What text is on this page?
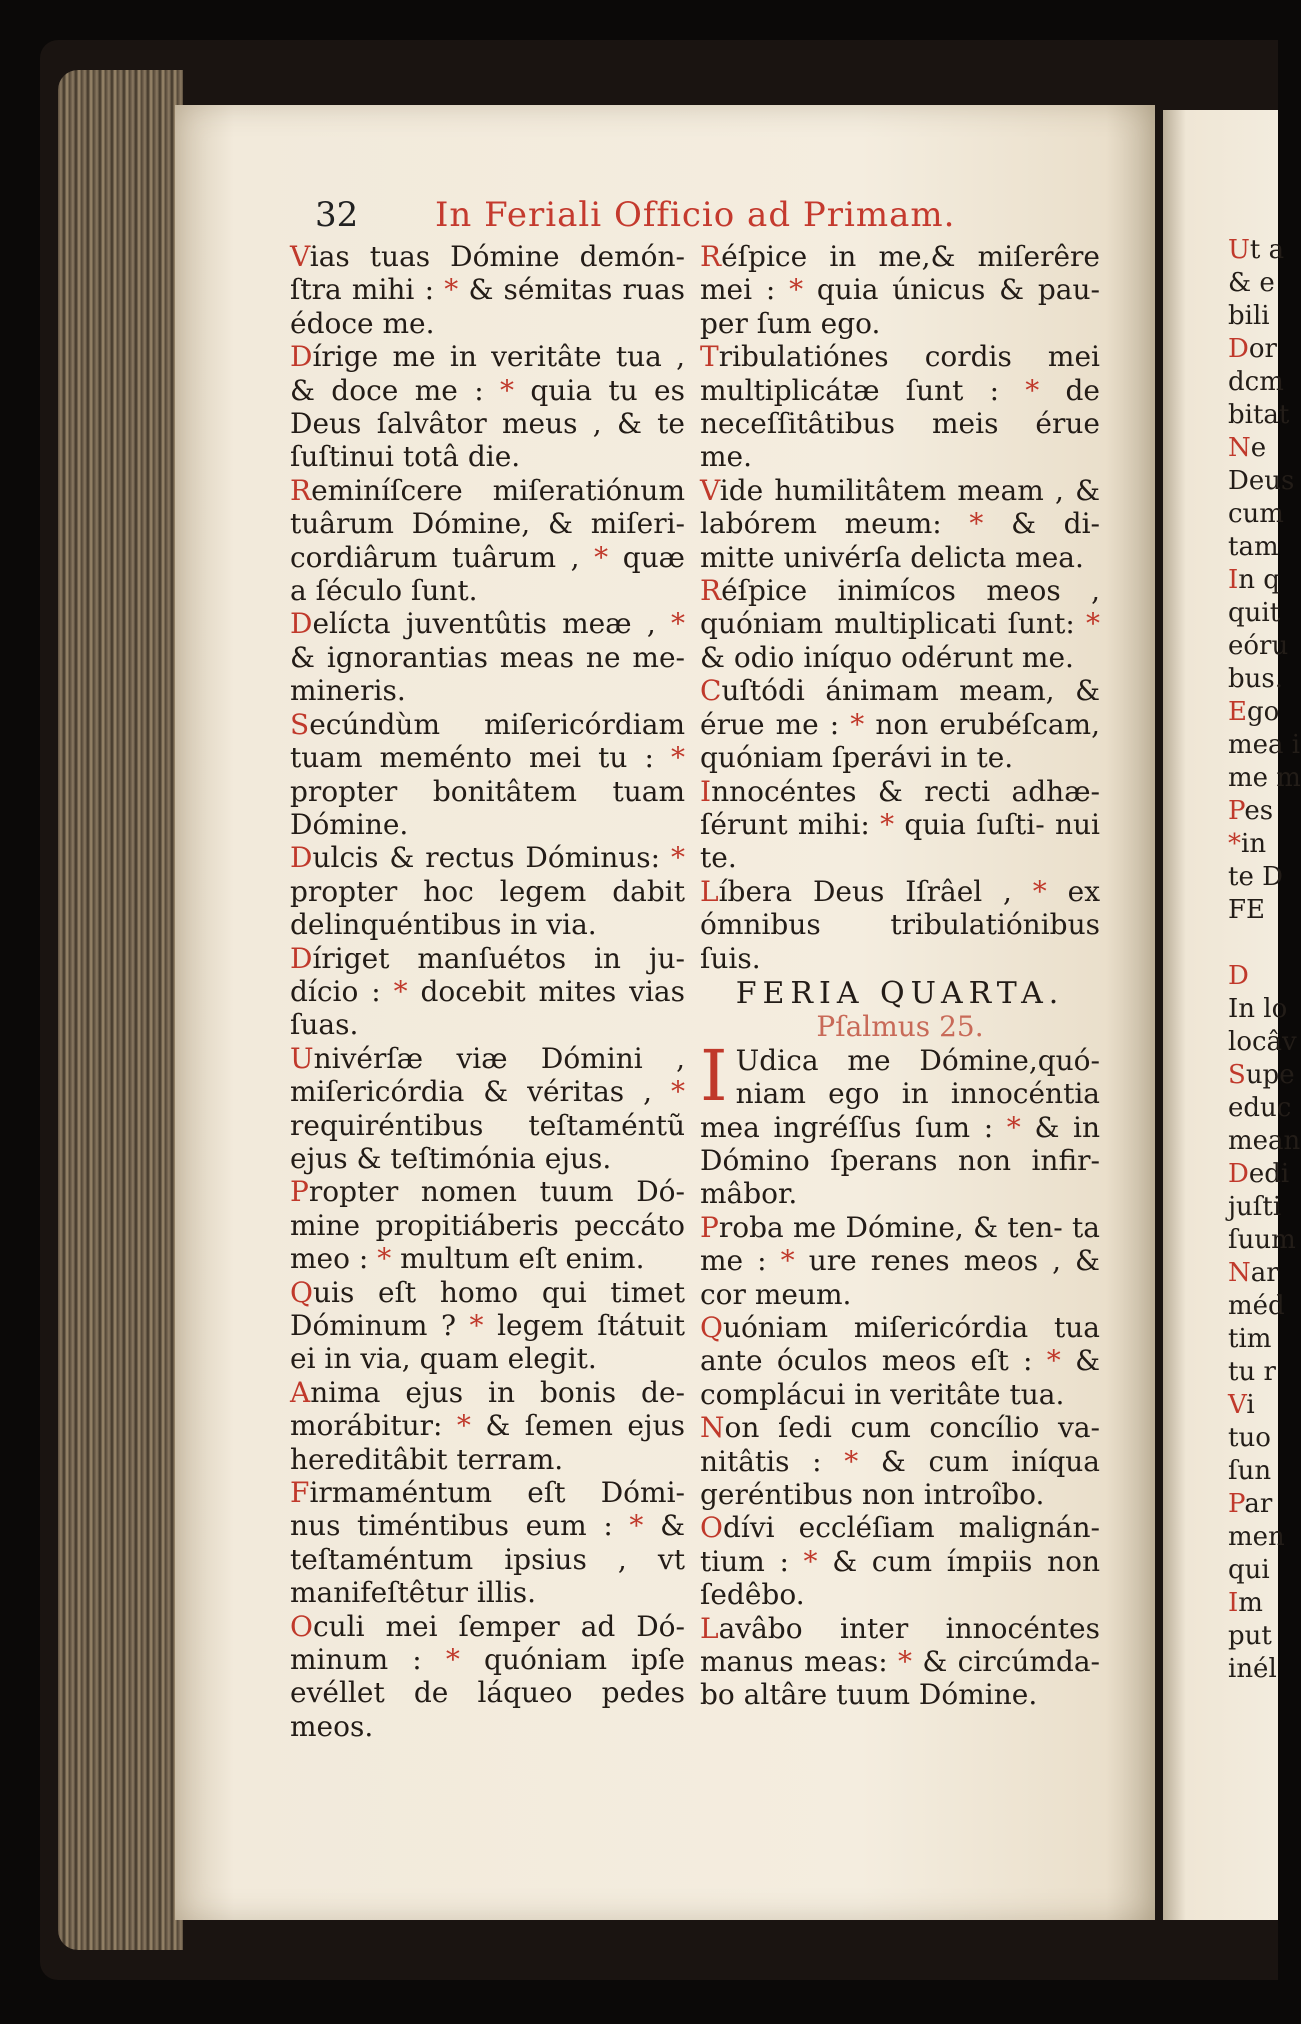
Ut a
& e
bili
Dor
dcm
bitat
Ne
Deus
cum
tam
In q
quit
eóru
bus.
Ego
mea i
me m
Pes
*in
te D
FE
D
In lo
locâv
Supe
educ
mean
Dedi
juſti
ſuum
Nar
méd
tim
tu r
Vi
tuo
ſun
Par
men
qui
Im
put
inél
32 In Feriali Officio ad Primam.
Vias tuas Dómine demón- ſtra mihi : * & sémitas ruas édoce me.
Dírige me in veritâte tua , & doce me : * quia tu es Deus ſalvâtor meus , & te ſuſtinui totâ die.
Reminíſcere miſeratiónum tuârum Dómine, & miſeri- cordiârum tuârum , * quæ a ſéculo ſunt.
Delícta juventûtis meæ , * & ignorantias meas ne me- mineris.
Secúndùm miſericórdiam tuam meménto mei tu : * propter bonitâtem tuam Dómine.
Dulcis & rectus Dóminus: * propter hoc legem dabit delinquéntibus in via.
Díriget manſuétos in ju- dício : * docebit mites vias ſuas.
Univérſæ viæ Dómini , miſericórdia & véritas , * requiréntibus teſtaméntũ ejus & teſtimónia ejus.
Propter nomen tuum Dó- mine propitiáberis peccáto meo : * multum eſt enim.
Quis eſt homo qui timet Dóminum ? * legem ſtátuit ei in via, quam elegit.
Anima ejus in bonis de- morábitur: * & ſemen ejus hereditâbit terram.
Firmaméntum eſt Dómi- nus timéntibus eum : * & teſtaméntum ipsius , vt manifeſtêtur illis.
Oculi mei ſemper ad Dó- minum : * quóniam ipſe evéllet de láqueo pedes meos.
Réſpice in me,& miſerêre mei : * quia únicus & pau- per ſum ego.
Tribulatiónes cordis mei multiplicátæ ſunt : * de neceſſitâtibus meis érue me.
Vide humilitâtem meam , & labórem meum: * & di- mitte univérſa delicta mea.
Réſpice inimícos meos , quóniam multiplicati ſunt: * & odio iníquo odérunt me.
Cuſtódi ánimam meam, & érue me : * non erubéſcam, quóniam ſperávi in te.
Innocéntes & recti adhæ- ſérunt mihi: * quia ſuſti- nui te.
Líbera Deus Iſrâel , * ex ómnibus tribulatiónibus ſuis.
FERIA QUARTA.
Pſalmus 25.
I Udica me Dómine,quó- niam ego in innocéntia mea ingréſſus ſum : * & in Dómino ſperans non infir- mâbor.
Proba me Dómine, & ten- ta me : * ure renes meos , & cor meum.
Quóniam miſericórdia tua ante óculos meos eſt : * & complácui in veritâte tua.
Non ſedi cum concílio va- nitâtis : * & cum iníqua geréntibus non introîbo.
Odívi eccléſiam malignán- tium : * & cum ímpiis non ſedêbo.
Lavâbo inter innocéntes manus meas: * & circúmda- bo altâre tuum Dómine.
